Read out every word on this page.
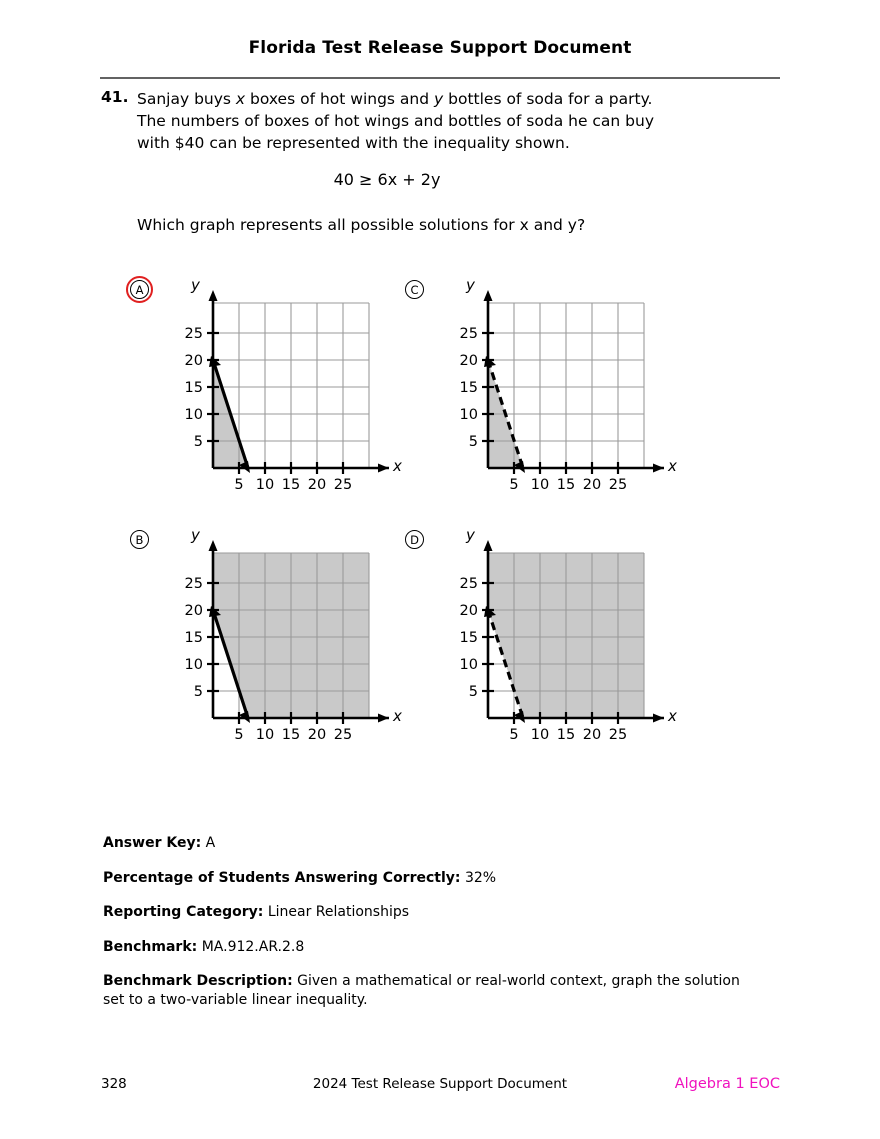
Florida Test Release Support Document
41. Sanjay buys x boxes of hot wings and y bottles of soda for a party.
The numbers of boxes of hot wings and bottles of soda he can buy
with $40 can be represented with the inequality shown.
40 ≥ 6x + 2y
Which graph represents all possible solutions for x and y?
A	y
25
20
15
10
5
5 10 15 20 25
x
C	y
25
20
15
10
5
5 10 15 20 25
x
B	y
25
20
15
10
5
5 10 15 20 25
x
D	y
25
20
15
10
5
5 10 15 20 25
x
Answer Key: A
Percentage of Students Answering Correctly: 32%
Reporting Category: Linear Relationships
Benchmark: MA.912.AR.2.8
Benchmark Description: Given a mathematical or real-world context, graph the solution set to a two-variable linear inequality.
328	2024 Test Release Support Document	Algebra 1 EOC
